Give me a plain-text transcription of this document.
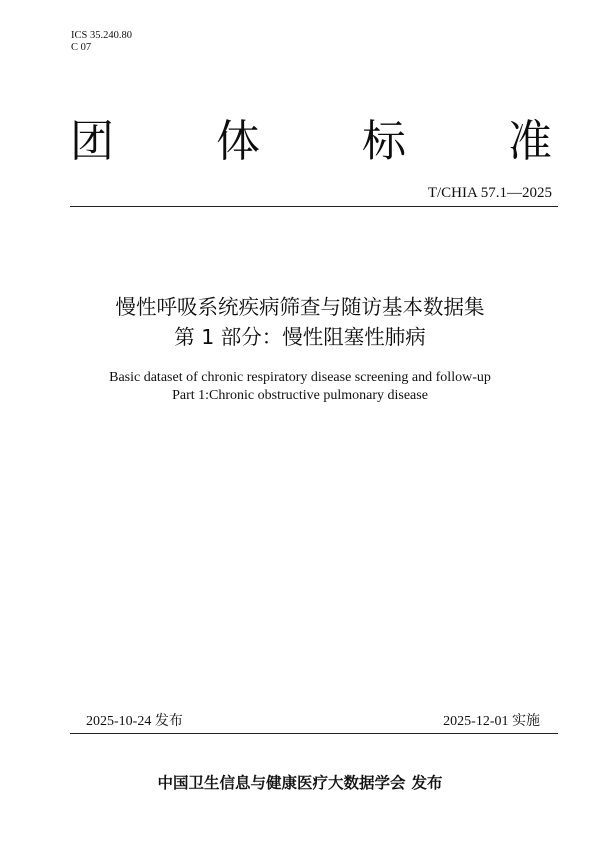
ICS 35.240.80
C 07
团 体 标 准
T/CHIA 57.1—2025
慢性呼吸系统疾病筛查与随访基本数据集
第 1 部分：慢性阻塞性肺病
Basic dataset of chronic respiratory disease screening and follow-up
Part 1:Chronic obstructive pulmonary disease
2025-10-24 发布	2025-12-01 实施
中国卫生信息与健康医疗大数据学会 发布
